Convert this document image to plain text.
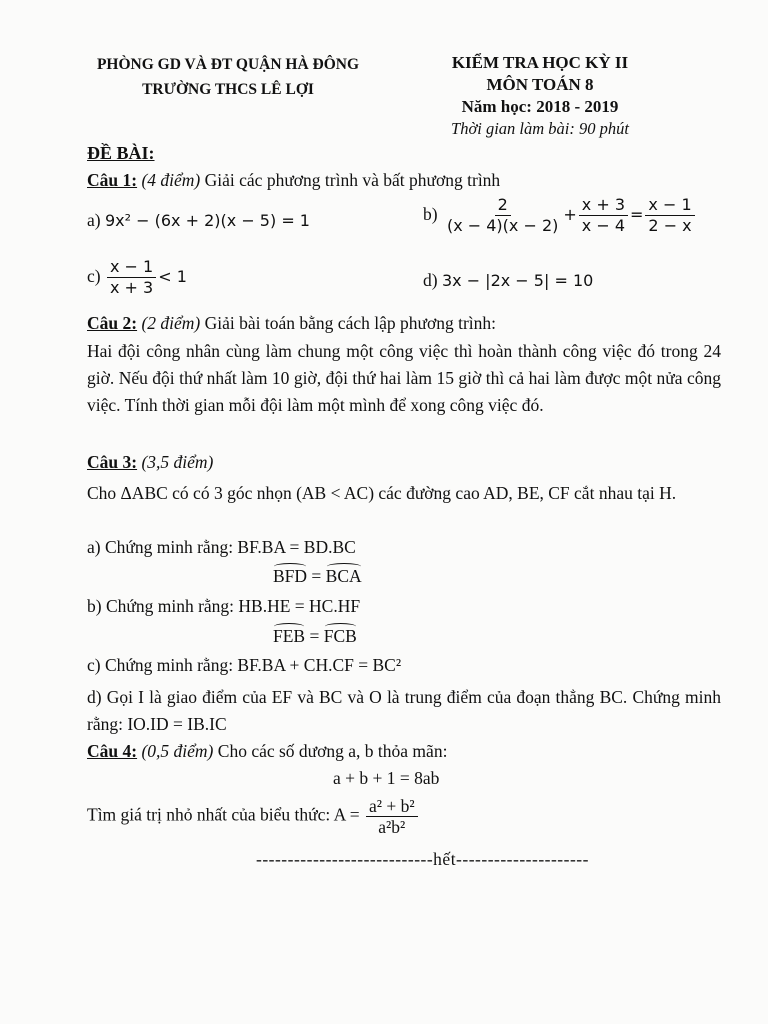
PHÒNG GD VÀ ĐT QUẬN HÀ ĐÔNG
TRƯỜNG THCS LÊ LỢI
KIỂM TRA HỌC KỲ II
MÔN TOÁN 8
Năm học: 2018 - 2019
Thời gian làm bài: 90 phút
ĐỀ BÀI:
Câu 1: (4 điểm) Giải các phương trình và bất phương trình
a) 9x² − (6x + 2)(x − 5) = 1	$b) \frac{2}{(x - 4)(x - 2)} + \frac{x + 3}{x - 4} = \frac{x - 1}{2 - x}$
$c) \frac{x - 1}{x + 3} < 1$	d) 3x − |2x − 5| = 10
Câu 2: (2 điểm) Giải bài toán bằng cách lập phương trình:
Hai đội công nhân cùng làm chung một công việc thì hoàn thành công việc đó trong 24 giờ. Nếu đội thứ nhất làm 10 giờ, đội thứ hai làm 15 giờ thì cả hai làm được một nửa công việc. Tính thời gian mỗi đội làm một mình để xong công việc đó.
Câu 3: (3,5 điểm)
Cho ΔABC có có 3 góc nhọn (AB < AC) các đường cao AD, BE, CF cắt nhau tại H.
a) Chứng minh rằng: BF.BA = BD.BC
BFD = BCA
b) Chứng minh rằng: HB.HE = HC.HF
FEB = FCB
c) Chứng minh rằng: BF.BA + CH.CF = BC²
d) Gọi I là giao điểm của EF và BC và O là trung điểm của đoạn thẳng BC. Chứng minh rằng: IO.ID = IB.IC
Câu 4: (0,5 điểm) Cho các số dương a, b thỏa mãn:
a + b + 1 = 8ab
Tìm giá trị nhỏ nhất của biểu thức: $A = \frac{\text{a² + b²}}{\text{a²b²}}$
----------------------------hết---------------------
